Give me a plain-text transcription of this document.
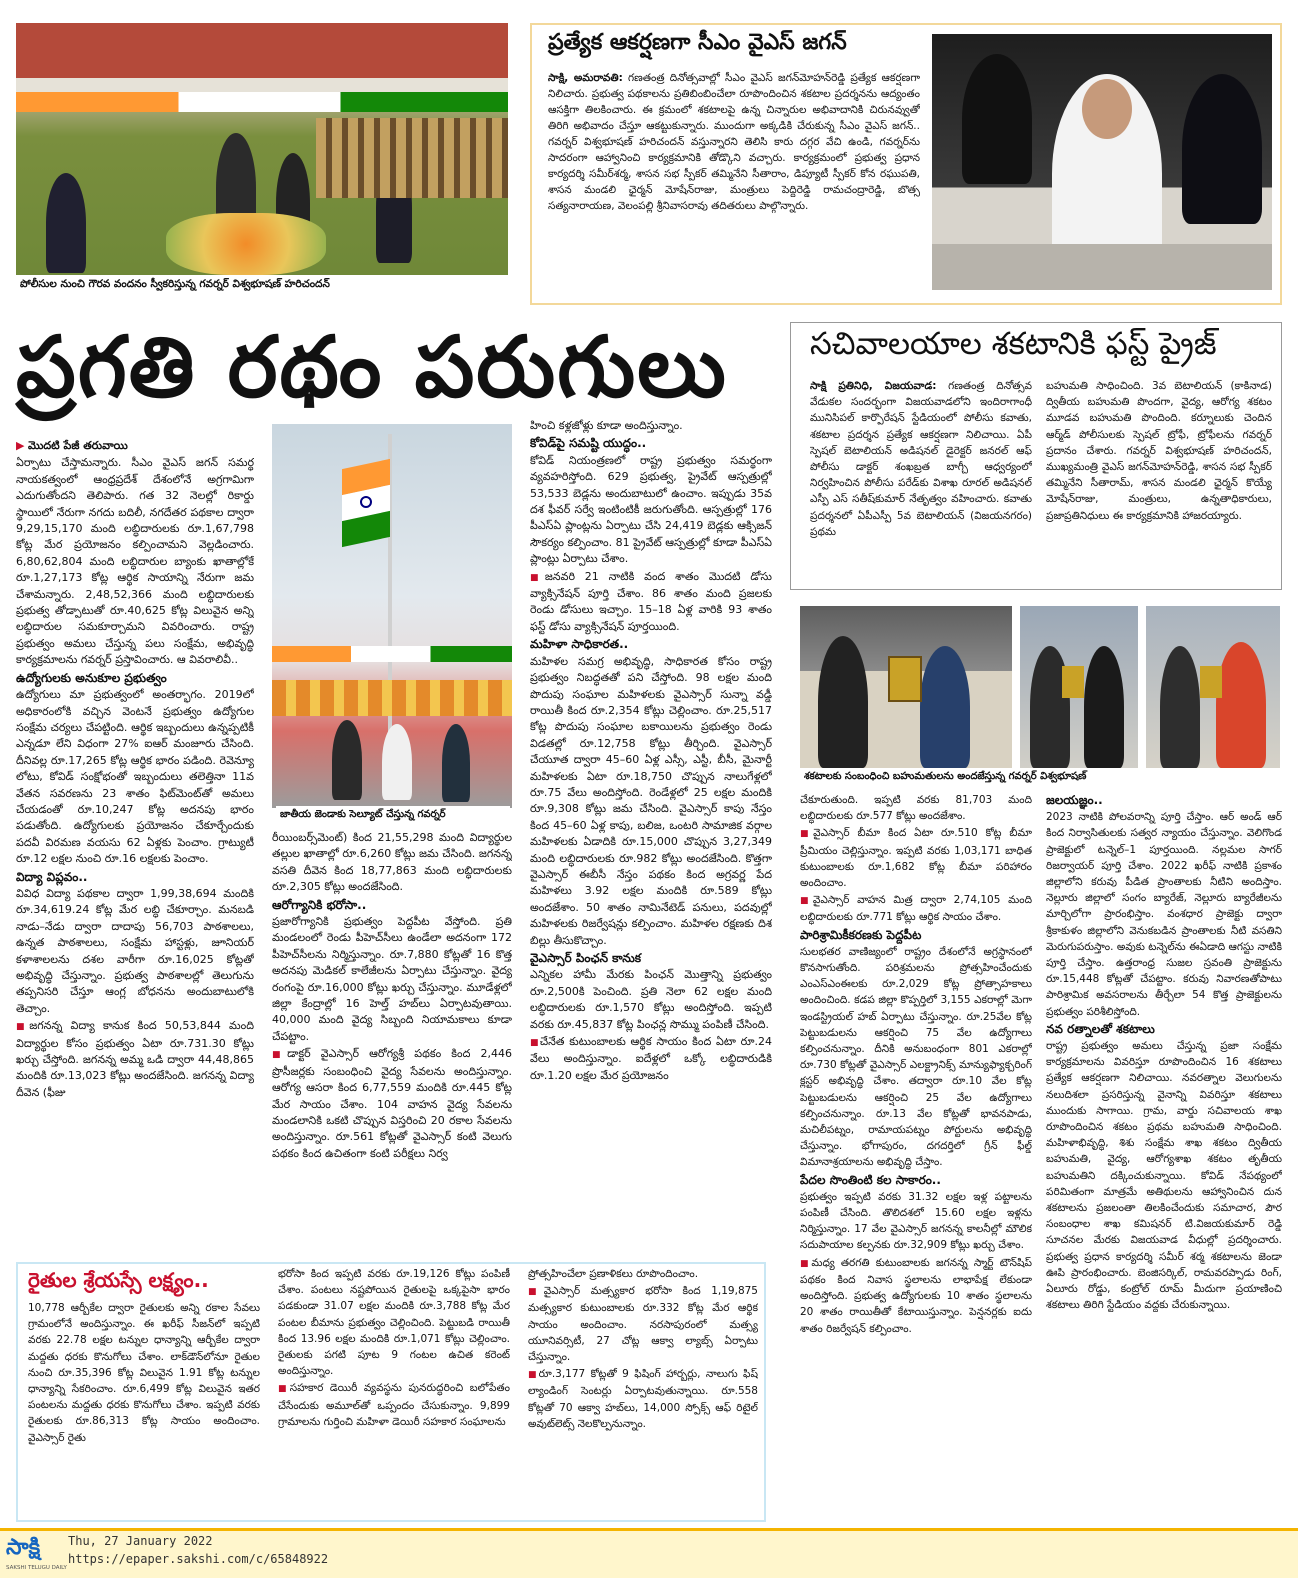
పోలీసుల నుంచి గౌరవ వందనం స్వీకరిస్తున్న గవర్నర్ విశ్వభూషణ్ హరిచందన్
ప్రత్యేక ఆకర్షణగా సీఎం వైఎస్ జగన్
సాక్షి, అమరావతి: గణతంత్ర దినోత్సవాల్లో సీఎం వైఎస్ జగన్‌మోహన్‌రెడ్డి ప్రత్యేక ఆకర్షణగా నిలిచారు. ప్రభుత్వ పథకాలను ప్రతిబింబించేలా రూపొందించిన శకటాల ప్రదర్శనను ఆద్యంతం ఆసక్తిగా తిలకించారు. ఈ క్రమంలో శకటాలపై ఉన్న చిన్నారుల అభివాదానికి చిరునవ్వుతో తిరిగి అభివాదం చేస్తూ ఆకట్టుకున్నారు. ముందుగా అక్కడికి చేరుకున్న సీఎం వైఎస్ జగన్.. గవర్నర్ విశ్వభూషణ్ హరిచందన్ వస్తున్నారని తెలిసి కారు దగ్గర వేచి ఉండి, గవర్నర్‌ను సాదరంగా ఆహ్వానించి కార్యక్రమానికి తోడ్కొని వచ్చారు. కార్యక్రమంలో ప్రభుత్వ ప్రధాన కార్యదర్శి సమీర్‌శర్మ, శాసన సభ స్పీకర్ తమ్మినేని సీతారాం, డిప్యూటీ స్పీకర్ కోన రఘుపతి, శాసన మండలి ఛైర్మన్ మోషేన్‌రాజు, మంత్రులు పెద్దిరెడ్డి రామచంద్రారెడ్డి, బొత్స సత్యనారాయణ, వెలంపల్లి శ్రీనివాసరావు తదితరులు పాల్గొన్నారు.
ప్రగతి రథం పరుగులు

▶ మొదటి పేజీ తరువాయి

ఏర్పాటు చేస్తామన్నారు. సీఎం వైఎస్ జగన్ సమర్థ నాయకత్వంలో ఆంధ్రప్రదేశ్ దేశంలోనే అగ్రగామిగా ఎదుగుతోందని తెలిపారు. గత 32 నెలల్లో రికార్డు స్థాయిలో నేరుగా నగదు బదిలీ, నగదేతర పథకాల ద్వారా 9,29,15,170 మంది లబ్ధిదారులకు రూ.1,67,798 కోట్ల మేర ప్రయోజనం కల్పించామని వెల్లడించారు. 6,80,62,804 మంది లబ్ధిదారుల బ్యాంకు ఖాతాల్లోకే రూ.1,27,173 కోట్ల ఆర్థిక సాయాన్ని నేరుగా జమ చేశామన్నారు. 2,48,52,366 మంది లబ్ధిదారులకు ప్రభుత్వ తోడ్పాటుతో రూ.40,625 కోట్ల విలువైన అన్ని లబ్ధిదారుల సమకూర్చామని వివరించారు. రాష్ట్ర ప్రభుత్వం అమలు చేస్తున్న పలు సంక్షేమ, అభివృద్ధి కార్యక్రమాలను గవర్నర్ ప్రస్తావించారు. ఆ వివరాలివీ..

ఉద్యోగులకు అనుకూల ప్రభుత్వం

ఉద్యోగులు మా ప్రభుత్వంలో అంతర్భాగం. 2019లో అధికారంలోకి వచ్చిన వెంటనే ప్రభుత్వం ఉద్యోగుల సంక్షేమ చర్యలు చేపట్టింది. ఆర్థిక ఇబ్బందులు ఉన్నప్పటికీ ఎన్నడూ లేని విధంగా 27% ఐఆర్ మంజూరు చేసింది. దీనివల్ల రూ.17,265 కోట్ల ఆర్థిక భారం పడింది. రెవెన్యూ లోటు, కోవిడ్ సంక్షోభంతో ఇబ్బందులు తలెత్తినా 11వ వేతన సవరణను 23 శాతం ఫిట్‌మెంట్‌తో అమలు చేయడంతో రూ.10,247 కోట్ల అదనపు భారం పడుతోంది. ఉద్యోగులకు ప్రయోజనం చేకూర్చేందుకు పదవీ విరమణ వయసు 62 ఏళ్లకు పెంచాం. గ్రాట్యుటీ రూ.12 లక్షల నుంచి రూ.16 లక్షలకు పెంచాం.

విద్యా విప్లవం..

వివిధ విద్యా పథకాల ద్వారా 1,99,38,694 మందికి రూ.34,619.24 కోట్ల మేర లబ్ధి చేకూర్చాం. మనబడి నాడు–నేడు ద్వారా దాదాపు 56,703 పాఠశాలలు, ఉన్నత పాఠశాలలు, సంక్షేమ హాస్టళ్లు, జూనియర్ కళాశాలలను దశల వారీగా రూ.16,025 కోట్లతో అభివృద్ధి చేస్తున్నాం. ప్రభుత్వ పాఠశాలల్లో తెలుగును తప్పనిసరి చేస్తూ ఆంగ్ల బోధనను అందుబాటులోకి తెచ్చాం.

■ జగనన్న విద్యా కానుక కింద 50,53,844 మంది విద్యార్థుల కోసం ప్రభుత్వం ఏటా రూ.731.30 కోట్లు ఖర్చు చేస్తోంది. జగనన్న అమ్మ ఒడి ద్వారా 44,48,865 మందికి రూ.13,023 కోట్లు అందజేసింది. జగనన్న విద్యా దీవెన (ఫీజు

జాతీయ జెండాకు సెల్యూట్ చేస్తున్న గవర్నర్

రీయింబర్స్‌మెంట్) కింద 21,55,298 మంది విద్యార్థుల తల్లుల ఖాతాల్లో రూ.6,260 కోట్లు జమ చేసింది. జగనన్న వసతి దీవెన కింద 18,77,863 మంది లబ్ధిదారులకు రూ.2,305 కోట్లు అందజేసింది.

ఆరోగ్యానికి భరోసా..

ప్రజారోగ్యానికి ప్రభుత్వం పెద్దపీట వేస్తోంది. ప్రతి మండలంలో రెండు పీహెచ్‌సీలు ఉండేలా అదనంగా 172 పీహెచ్‌సీలను నిర్మిస్తున్నాం. రూ.7,880 కోట్లతో 16 కొత్త అదనపు మెడికల్ కాలేజీలను ఏర్పాటు చేస్తున్నాం. వైద్య రంగంపై రూ.16,000 కోట్లు ఖర్చు చేస్తున్నాం. మూడేళ్లలో జిల్లా కేంద్రాల్లో 16 హెల్త్ హబ్‌లు ఏర్పాటవుతాయి. 40,000 మంది వైద్య సిబ్బంది నియామకాలు కూడా చేపట్టాం.

■ డాక్టర్ వైఎస్సార్ ఆరోగ్యశ్రీ పథకం కింద 2,446 ప్రొసీజర్లకు సంబంధించి వైద్య సేవలను అందిస్తున్నాం. ఆరోగ్య ఆసరా కింద 6,77,559 మందికి రూ.445 కోట్ల మేర సాయం చేశాం. 104 వాహన వైద్య సేవలను మండలానికి ఒకటి చొప్పున విస్తరించి 20 రకాల సేవలను అందిస్తున్నాం. రూ.561 కోట్లతో వైఎస్సార్ కంటి వెలుగు పథకం కింద ఉచితంగా కంటి పరీక్షలు నిర్వ

హించి కళ్లజోళ్లు కూడా అందిస్తున్నాం.

కోవిడ్‌పై సమష్టి యుద్ధం..

కోవిడ్ నియంత్రణలో రాష్ట్ర ప్రభుత్వం సమర్థంగా వ్యవహరిస్తోంది. 629 ప్రభుత్వ, ప్రైవేట్ ఆస్పత్రుల్లో 53,533 బెడ్లను అందుబాటులో ఉంచాం. ఇప్పుడు 35వ దశ ఫీవర్ సర్వే ఇంటింటికీ జరుగుతోంది. ఆస్పత్రుల్లో 176 పీఎస్ఏ ప్లాంట్లను ఏర్పాటు చేసి 24,419 బెడ్లకు ఆక్సిజన్ సౌకర్యం కల్పించాం. 81 ప్రైవేట్ ఆస్పత్రుల్లో కూడా పీఎస్ఏ ప్లాంట్లు ఏర్పాటు చేశాం.

■ జనవరి 21 నాటికి వంద శాతం మొదటి డోసు వ్యాక్సినేషన్ పూర్తి చేశాం. 86 శాతం మంది ప్రజలకు రెండు డోసులు ఇచ్చాం. 15–18 ఏళ్ల వారికి 93 శాతం ఫస్ట్ డోసు వ్యాక్సినేషన్ పూర్తయింది.

మహిళా సాధికారత..

మహిళల సమగ్ర అభివృద్ధి, సాధికారత కోసం రాష్ట్ర ప్రభుత్వం నిబద్ధతతో పని చేస్తోంది. 98 లక్షల మంది పొదుపు సంఘాల మహిళలకు వైఎస్సార్ సున్నా వడ్డీ రాయితీ కింద రూ.2,354 కోట్లు చెల్లించాం. రూ.25,517 కోట్ల పొదుపు సంఘాల బకాయిలను ప్రభుత్వం రెండు విడతల్లో రూ.12,758 కోట్లు తీర్చింది. వైఎస్సార్ చేయూత ద్వారా 45–60 ఏళ్ల ఎస్సీ, ఎస్టీ, బీసీ, మైనార్టీ మహిళలకు ఏటా రూ.18,750 చొప్పున నాలుగేళ్లలో రూ.75 వేలు అందిస్తోంది. రెండేళ్లలో 25 లక్షల మందికి రూ.9,308 కోట్లు జమ చేసింది. వైఎస్సార్ కాపు నేస్తం కింద 45–60 ఏళ్ల కాపు, బలిజ, ఒంటరి సామాజిక వర్గాల మహిళలకు ఏడాదికి రూ.15,000 చొప్పున 3,27,349 మంది లబ్ధిదారులకు రూ.982 కోట్లు అందజేసింది. కొత్తగా వైఎస్సార్ ఈబీసీ నేస్తం పథకం కింద అగ్రవర్ణ పేద మహిళలు 3.92 లక్షల మందికి రూ.589 కోట్లు అందజేశాం. 50 శాతం నామినేటెడ్ పనులు, పదవుల్లో మహిళలకు రిజర్వేషన్లు కల్పించాం. మహిళల రక్షణకు దిశ బిల్లు తీసుకొచ్చాం.

వైఎస్సార్ పింఛన్ కానుక

ఎన్నికల హామీ మేరకు పింఛన్ మొత్తాన్ని ప్రభుత్వం రూ.2,500కి పెంచింది. ప్రతి నెలా 62 లక్షల మంది లబ్ధిదారులకు రూ.1,570 కోట్లు అందిస్తోంది. ఇప్పటి వరకు రూ.45,837 కోట్ల పింఛన్ల సొమ్ము పంపిణీ చేసింది.

■ చేనేత కుటుంబాలకు ఆర్థిక సాయం కింద ఏటా రూ.24 వేలు అందిస్తున్నాం. ఐదేళ్లలో ఒక్కో లబ్ధిదారుడికి రూ.1.20 లక్షల మేర ప్రయోజనం

సచివాలయాల శకటానికి ఫస్ట్ ప్రైజ్
సాక్షి ప్రతినిధి, విజయవాడ: గణతంత్ర దినోత్సవ వేడుకల సందర్భంగా విజయవాడలోని ఇందిరాగాంధీ మునిసిపల్ కార్పొరేషన్ స్టేడియంలో పోలీసు కవాతు, శకటాల ప్రదర్శన ప్రత్యేక ఆకర్షణగా నిలిచాయి. ఏపీ స్పెషల్ బెటాలియన్ అడిషనల్ డైరెక్టర్ జనరల్ ఆఫ్ పోలీసు డాక్టర్ శంఖబ్రత బాగ్చీ ఆధ్వర్యంలో నిర్వహించిన పోలీసు పరేడ్‌కు విశాఖ రూరల్ అడిషనల్ ఎస్పీ ఎస్ సతీష్‌కుమార్ నేతృత్వం వహించారు. కవాతు ప్రదర్శనలో ఏపీఎస్పీ 5వ బెటాలియన్ (విజయనగరం) ప్రథమ
బహుమతి సాధించింది. 3వ బెటాలియన్ (కాకినాడ) ద్వితీయ బహుమతి పొందగా, వైద్య, ఆరోగ్య శకటం మూడవ బహుమతి పొందింది. కర్నూలుకు చెందిన ఆర్మ్‌డ్ పోలీసులకు స్పెషల్ ట్రోఫీ, ట్రోఫీలను గవర్నర్ ప్రదానం చేశారు. గవర్నర్ విశ్వభూషణ్ హరిచందన్, ముఖ్యమంత్రి వైఎస్ జగన్‌మోహన్‌రెడ్డి, శాసన సభ స్పీకర్ తమ్మినేని సీతారామ్, శాసన మండలి ఛైర్మన్ కొయ్యే మోషేన్‌రాజు, మంత్రులు, ఉన్నతాధికారులు, ప్రజాప్రతినిధులు ఈ కార్యక్రమానికి హాజరయ్యారు.
శకటాలకు సంబంధించి బహుమతులను అందజేస్తున్న గవర్నర్ విశ్వభూషణ్

చేకూరుతుంది. ఇప్పటి వరకు 81,703 మంది లబ్ధిదారులకు రూ.577 కోట్లు అందజేశాం.

■ వైఎస్సార్ బీమా కింద ఏటా రూ.510 కోట్ల బీమా ప్రీమియం చెల్లిస్తున్నాం. ఇప్పటి వరకు 1,03,171 బాధిత కుటుంబాలకు రూ.1,682 కోట్ల బీమా పరిహారం అందించాం.

■ వైఎస్సార్ వాహన మిత్ర ద్వారా 2,74,105 మంది లబ్ధిదారులకు రూ.771 కోట్లు ఆర్థిక సాయం చేశాం.

పారిశ్రామికీకరణకు పెద్దపీట

సులభతర వాణిజ్యంలో రాష్ట్రం దేశంలోనే అగ్రస్థానంలో కొనసాగుతోంది. పరిశ్రమలను ప్రోత్సహించేందుకు ఎంఎస్ఎంఈలకు రూ.2,029 కోట్ల ప్రోత్సాహకాలు అందించింది. కడప జిల్లా కొప్పర్తిలో 3,155 ఎకరాల్లో మెగా ఇండస్ట్రియల్ హబ్ ఏర్పాటు చేస్తున్నాం. రూ.25వేల కోట్ల పెట్టుబడులను ఆకర్షించి 75 వేల ఉద్యోగాలు కల్పించనున్నాం. దీనికి అనుబంధంగా 801 ఎకరాల్లో రూ.730 కోట్లతో వైఎస్సార్ ఎలక్ట్రానిక్స్ మాన్యుఫ్యాక్చరింగ్ క్లస్టర్ అభివృద్ధి చేశాం. తద్వారా రూ.10 వేల కోట్ల పెట్టుబడులను ఆకర్షించి 25 వేల ఉద్యోగాలు కల్పించనున్నాం. రూ.13 వేల కోట్లతో భావనపాడు, మచిలీపట్నం, రామాయపట్నం పోర్టులను అభివృద్ధి చేస్తున్నాం. భోగాపురం, దగదర్తిలో గ్రీన్ ఫీల్డ్ విమానాశ్రయాలను అభివృద్ధి చేస్తాం.

పేదల సొంతింటి కల సాకారం..

ప్రభుత్వం ఇప్పటి వరకు 31.32 లక్షల ఇళ్ల పట్టాలను పంపిణీ చేసింది. తొలిదశలో 15.60 లక్షల ఇళ్లను నిర్మిస్తున్నాం. 17 వేల వైఎస్సార్ జగనన్న కాలనీల్లో మౌలిక సదుపాయాల కల్పనకు రూ.32,909 కోట్లు ఖర్చు చేశాం.

■ మధ్య తరగతి కుటుంబాలకు జగనన్న స్మార్ట్ టౌన్‌షిప్ పథకం కింద నివాస స్థలాలను లాభాపేక్ష లేకుండా అందిస్తోంది. ప్రభుత్వ ఉద్యోగులకు 10 శాతం స్థలాలను 20 శాతం రాయితీతో కేటాయిస్తున్నాం. పెన్షనర్లకు ఐదు శాతం రిజర్వేషన్ కల్పించాం.

జలయజ్ఞం..

2023 నాటికి పోలవరాన్ని పూర్తి చేస్తాం. ఆర్ అండ్ ఆర్ కింద నిర్వాసితులకు సత్వర న్యాయం చేస్తున్నాం. వెలిగొండ ప్రాజెక్టులో టన్నెల్–1 పూర్తయింది. నల్లమల సాగర్ రిజర్వాయర్ పూర్తి చేశాం. 2022 ఖరీఫ్ నాటికి ప్రకాశం జిల్లాలోని కరువు పీడిత ప్రాంతాలకు నీటిని అందిస్తాం. నెల్లూరు జిల్లాలో సంగం బ్యారేజ్, నెల్లూరు బ్యారేజీలను మార్చిలోగా ప్రారంభిస్తాం. వంశధార ప్రాజెక్టు ద్వారా శ్రీకాకుళం జిల్లాలోని వెనుకబడిన ప్రాంతాలకు నీటి వసతిని మెరుగుపరుస్తాం. అవుకు టన్నెల్‌ను ఈఏడాది ఆగస్టు నాటికి పూర్తి చేస్తాం. ఉత్తరాంధ్ర సుజల స్రవంతి ప్రాజెక్టును రూ.15,448 కోట్లతో చేపట్టాం. కరువు నివారణతోపాటు పారిశ్రామిక అవసరాలను తీర్చేలా 54 కొత్త ప్రాజెక్టులను ప్రభుత్వం పరిశీలిస్తోంది.

నవ రత్నాలతో శకటాలు

రాష్ట్ర ప్రభుత్వం అమలు చేస్తున్న ప్రజా సంక్షేమ కార్యక్రమాలను వివరిస్తూ రూపొందించిన 16 శకటాలు ప్రత్యేక ఆకర్షణగా నిలిచాయి. నవరత్నాల వెలుగులను నలుదిశలా ప్రసరిస్తున్న వైనాన్ని వివరిస్తూ శకటాలు ముందుకు సాగాయి. గ్రామ, వార్డు సచివాలయ శాఖ రూపొందించిన శకటం ప్రథమ బహుమతి సాధించింది. మహిళాభివృద్ధి, శిశు సంక్షేమ శాఖ శకటం ద్వితీయ బహుమతి, వైద్య, ఆరోగ్యశాఖ శకటం తృతీయ బహుమతిని దక్కించుకున్నాయి. కోవిడ్ నేపథ్యంలో పరిమితంగా మాత్రమే అతిథులను ఆహ్వానించిన దున శకటాలను ప్రజలంతా తిలకించేందుకు సమాచార, పౌర సంబంధాల శాఖ కమిషనర్ టి.విజయకుమార్ రెడ్డి సూచనల మేరకు విజయవాడ వీధుల్లో ప్రదర్శించారు. ప్రభుత్వ ప్రధాన కార్యదర్శి సమీర్ శర్మ శకటాలను జెండా ఊపి ప్రారంభించారు. బెంజిసర్కిల్, రామవరప్పాడు రింగ్, ఏలూరు రోడ్డు, కంట్రోల్ రూమ్ మీదుగా ప్రయాణించి శకటాలు తిరిగి స్టేడియం వద్దకు చేరుకున్నాయి.

రైతుల శ్రేయస్సే లక్ష్యం..

10,778 ఆర్బీకేల ద్వారా రైతులకు అన్ని రకాల సేవలు గ్రామంలోనే అందిస్తున్నాం. ఈ ఖరీఫ్ సీజన్‌లో ఇప్పటి వరకు 22.78 లక్షల టన్నుల ధాన్యాన్ని ఆర్బీకేల ద్వారా మద్దతు ధరకు కొనుగోలు చేశాం. లాక్‌డౌన్‌లోనూ రైతుల నుంచి రూ.35,396 కోట్ల విలువైన 1.91 కోట్ల టన్నుల ధాన్యాన్ని సేకరించాం. రూ.6,499 కోట్ల విలువైన ఇతర పంటలను మద్దతు ధరకు కొనుగోలు చేశాం. ఇప్పటి వరకు రైతులకు రూ.86,313 కోట్ల సాయం అందించాం. వైఎస్సార్ రైతు

భరోసా కింద ఇప్పటి వరకు రూ.19,126 కోట్లు పంపిణీ చేశాం. పంటలు నష్టపోయిన రైతులపై ఒక్కపైసా భారం పడకుండా 31.07 లక్షల మందికి రూ.3,788 కోట్ల మేర పంటల బీమాను ప్రభుత్వం చెల్లించింది. పెట్టుబడి రాయితీ కింద 13.96 లక్షల మందికి రూ.1,071 కోట్లు చెల్లించాం. రైతులకు పగటి పూట 9 గంటల ఉచిత కరెంట్ అందిస్తున్నాం.

■ సహకార డెయిరీ వ్యవస్థను పునరుద్ధరించి బలోపేతం చేసేందుకు అమూల్‌తో ఒప్పందం చేసుకున్నాం. 9,899 గ్రామాలను గుర్తించి మహిళా డెయిరీ సహకార సంఘాలను

ప్రోత్సహించేలా ప్రణాళికలు రూపొందించాం.

■ వైఎస్సార్ మత్స్యకార భరోసా కింద 1,19,875 మత్స్యకార కుటుంబాలకు రూ.332 కోట్ల మేర ఆర్థిక సాయం అందించాం. నరసాపురంలో మత్స్య యూనివర్సిటీ, 27 చోట్ల ఆక్వా ల్యాబ్స్ ఏర్పాటు చేస్తున్నాం.

■ రూ.3,177 కోట్లతో 9 ఫిషింగ్ హార్బర్లు, నాలుగు ఫిష్ ల్యాండింగ్ సెంటర్లు ఏర్పాటవుతున్నాయి. రూ.558 కోట్లతో 70 ఆక్వా హబ్‌లు, 14,000 స్పోక్స్ ఆఫ్ రిటైల్ అవుట్‌లెట్స్ నెలకొల్పనున్నాం.

సాక్షి
SAKSHI TELUGU DAILY
Thu, 27 January 2022
https://epaper.sakshi.com/c/65848922
